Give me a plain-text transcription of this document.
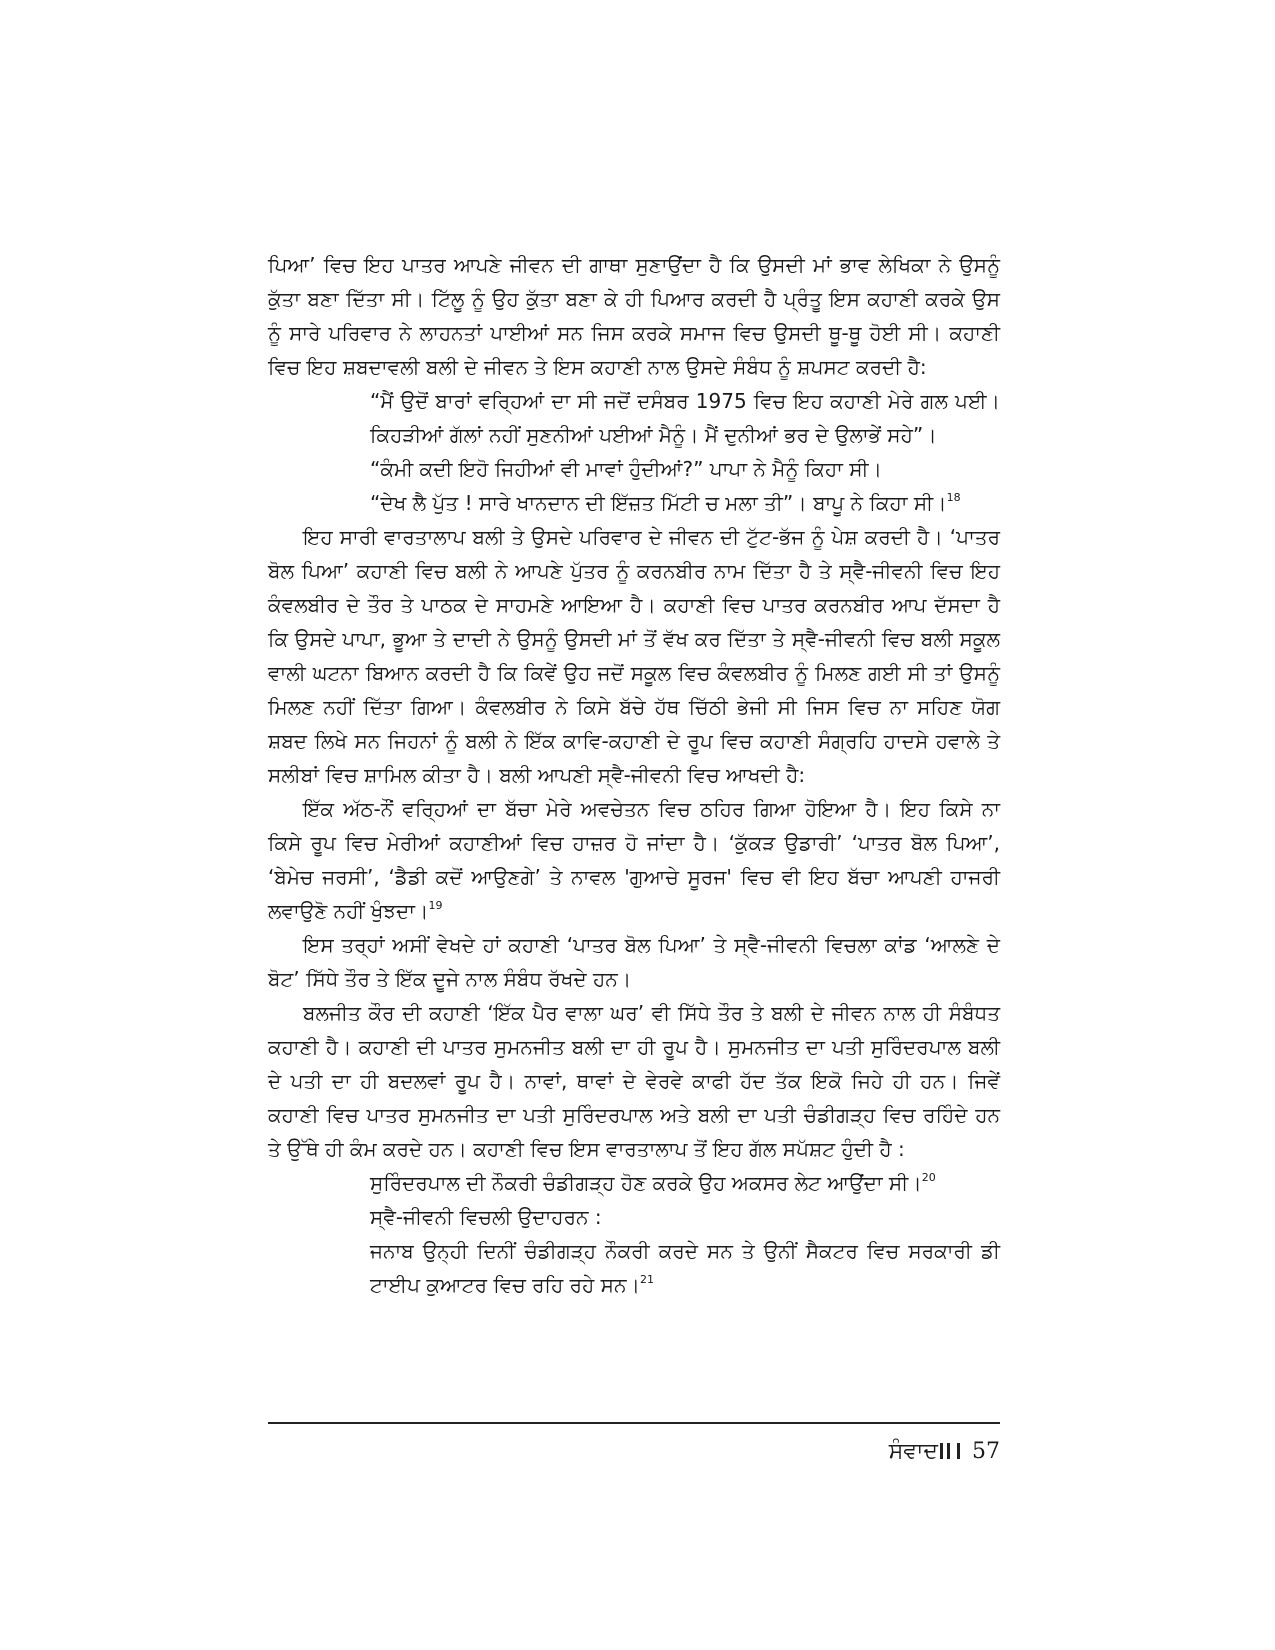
ਪਿਆ’ ਵਿਚ ਇਹ ਪਾਤਰ ਆਪਣੇ ਜੀਵਨ ਦੀ ਗਾਥਾ ਸੁਣਾਉਂਦਾ ਹੈ ਕਿ ਉਸਦੀ ਮਾਂ ਭਾਵ ਲੇਖਿਕਾ ਨੇ ਉਸਨੂੰ ਕੁੱਤਾ ਬਣਾ ਦਿੱਤਾ ਸੀ। ਟਿੱਲੂ ਨੂੰ ਉਹ ਕੁੱਤਾ ਬਣਾ ਕੇ ਹੀ ਪਿਆਰ ਕਰਦੀ ਹੈ ਪ੍ਰੰਤੂ ਇਸ ਕਹਾਣੀ ਕਰਕੇ ਉਸ ਨੂੰ ਸਾਰੇ ਪਰਿਵਾਰ ਨੇ ਲਾਹਨਤਾਂ ਪਾਈਆਂ ਸਨ ਜਿਸ ਕਰਕੇ ਸਮਾਜ ਵਿਚ ਉਸਦੀ ਥੂ-ਥੂ ਹੋਈ ਸੀ। ਕਹਾਣੀ ਵਿਚ ਇਹ ਸ਼ਬਦਾਵਲੀ ਬਲੀ ਦੇ ਜੀਵਨ ਤੇ ਇਸ ਕਹਾਣੀ ਨਾਲ ਉਸਦੇ ਸੰਬੰਧ ਨੂੰ ਸ਼ਪਸਟ ਕਰਦੀ ਹੈ:

“ਮੈਂ ਉਦੋਂ ਬਾਰਾਂ ਵਰ੍ਹਿਆਂ ਦਾ ਸੀ ਜਦੋਂ ਦਸੰਬਰ 1975 ਵਿਚ ਇਹ ਕਹਾਣੀ ਮੇਰੇ ਗਲ ਪਈ। ਕਿਹੜੀਆਂ ਗੱਲਾਂ ਨਹੀਂ ਸੁਣਨੀਆਂ ਪਈਆਂ ਮੈਨੂੰ। ਮੈਂ ਦੁਨੀਆਂ ਭਰ ਦੇ ਉਲਾਭੇਂ ਸਹੇ”।

“ਕੰਮੀ ਕਦੀ ਇਹੋ ਜਿਹੀਆਂ ਵੀ ਮਾਵਾਂ ਹੁੰਦੀਆਂ?” ਪਾਪਾ ਨੇ ਮੈਨੂੰ ਕਿਹਾ ਸੀ।

“ਦੇਖ ਲੈ ਪੁੱਤ ! ਸਾਰੇ ਖਾਨਦਾਨ ਦੀ ਇੱਜ਼ਤ ਮਿੱਟੀ ਚ ਮਲਾ ਤੀ”। ਬਾਪੂ ਨੇ ਕਿਹਾ ਸੀ।$^{18}$

ਇਹ ਸਾਰੀ ਵਾਰਤਾਲਾਪ ਬਲੀ ਤੇ ਉਸਦੇ ਪਰਿਵਾਰ ਦੇ ਜੀਵਨ ਦੀ ਟੁੱਟ-ਭੱਜ ਨੂੰ ਪੇਸ਼ ਕਰਦੀ ਹੈ। ‘ਪਾਤਰ ਬੋਲ ਪਿਆ’ ਕਹਾਣੀ ਵਿਚ ਬਲੀ ਨੇ ਆਪਣੇ ਪੁੱਤਰ ਨੂੰ ਕਰਨਬੀਰ ਨਾਮ ਦਿੱਤਾ ਹੈ ਤੇ ਸ੍ਵੈ-ਜੀਵਨੀ ਵਿਚ ਇਹ ਕੰਵਲਬੀਰ ਦੇ ਤੌਰ ਤੇ ਪਾਠਕ ਦੇ ਸਾਹਮਣੇ ਆਇਆ ਹੈ। ਕਹਾਣੀ ਵਿਚ ਪਾਤਰ ਕਰਨਬੀਰ ਆਪ ਦੱਸਦਾ ਹੈ ਕਿ ਉਸਦੇ ਪਾਪਾ, ਭੂਆ ਤੇ ਦਾਦੀ ਨੇ ਉਸਨੂੰ ਉਸਦੀ ਮਾਂ ਤੋਂ ਵੱਖ ਕਰ ਦਿੱਤਾ ਤੇ ਸ੍ਵੈ-ਜੀਵਨੀ ਵਿਚ ਬਲੀ ਸਕੂਲ ਵਾਲੀ ਘਟਨਾ ਬਿਆਨ ਕਰਦੀ ਹੈ ਕਿ ਕਿਵੇਂ ਉਹ ਜਦੋਂ ਸਕੂਲ ਵਿਚ ਕੰਵਲਬੀਰ ਨੂੰ ਮਿਲਣ ਗਈ ਸੀ ਤਾਂ ਉਸਨੂੰ ਮਿਲਣ ਨਹੀਂ ਦਿੱਤਾ ਗਿਆ। ਕੰਵਲਬੀਰ ਨੇ ਕਿਸੇ ਬੱਚੇ ਹੱਥ ਚਿੱਠੀ ਭੇਜੀ ਸੀ ਜਿਸ ਵਿਚ ਨਾ ਸਹਿਣ ਯੋਗ ਸ਼ਬਦ ਲਿਖੇ ਸਨ ਜਿਹਨਾਂ ਨੂੰ ਬਲੀ ਨੇ ਇੱਕ ਕਾਵਿ-ਕਹਾਣੀ ਦੇ ਰੂਪ ਵਿਚ ਕਹਾਣੀ ਸੰਗ੍ਰਹਿ ਹਾਦਸੇ ਹਵਾਲੇ ਤੇ ਸਲੀਬਾਂ ਵਿਚ ਸ਼ਾਮਿਲ ਕੀਤਾ ਹੈ। ਬਲੀ ਆਪਣੀ ਸ੍ਵੈ-ਜੀਵਨੀ ਵਿਚ ਆਖਦੀ ਹੈ:

ਇੱਕ ਅੱਠ-ਨੌਂ ਵਰ੍ਹਿਆਂ ਦਾ ਬੱਚਾ ਮੇਰੇ ਅਵਚੇਤਨ ਵਿਚ ਠਹਿਰ ਗਿਆ ਹੋਇਆ ਹੈ। ਇਹ ਕਿਸੇ ਨਾ ਕਿਸੇ ਰੂਪ ਵਿਚ ਮੇਰੀਆਂ ਕਹਾਣੀਆਂ ਵਿਚ ਹਾਜ਼ਰ ਹੋ ਜਾਂਦਾ ਹੈ। ‘ਕੁੱਕੜ ਉਡਾਰੀ’ ‘ਪਾਤਰ ਬੋਲ ਪਿਆ’, ‘ਬੇਮੇਚ ਜਰਸੀ’, ‘ਡੈਡੀ ਕਦੋਂ ਆਉਣਗੇ’ ਤੇ ਨਾਵਲ 'ਗੁਆਚੇ ਸੂਰਜ' ਵਿਚ ਵੀ ਇਹ ਬੱਚਾ ਆਪਣੀ ਹਾਜਰੀ ਲਵਾਉਣੋ ਨਹੀਂ ਖੁੰਝਦਾ।$^{19}$

ਇਸ ਤਰ੍ਹਾਂ ਅਸੀਂ ਵੇਖਦੇ ਹਾਂ ਕਹਾਣੀ ‘ਪਾਤਰ ਬੋਲ ਪਿਆ’ ਤੇ ਸ੍ਵੈ-ਜੀਵਨੀ ਵਿਚਲਾ ਕਾਂਡ ‘ਆਲਣੇ ਦੇ ਬੋਟ’ ਸਿੱਧੇ ਤੌਰ ਤੇ ਇੱਕ ਦੂਜੇ ਨਾਲ ਸੰਬੰਧ ਰੱਖਦੇ ਹਨ।

ਬਲਜੀਤ ਕੌਰ ਦੀ ਕਹਾਣੀ ‘ਇੱਕ ਪੈਰ ਵਾਲਾ ਘਰ’ ਵੀ ਸਿੱਧੇ ਤੌਰ ਤੇ ਬਲੀ ਦੇ ਜੀਵਨ ਨਾਲ ਹੀ ਸੰਬੰਧਤ ਕਹਾਣੀ ਹੈ। ਕਹਾਣੀ ਦੀ ਪਾਤਰ ਸੁਮਨਜੀਤ ਬਲੀ ਦਾ ਹੀ ਰੂਪ ਹੈ। ਸੁਮਨਜੀਤ ਦਾ ਪਤੀ ਸੁਰਿੰਦਰਪਾਲ ਬਲੀ ਦੇ ਪਤੀ ਦਾ ਹੀ ਬਦਲਵਾਂ ਰੂਪ ਹੈ। ਨਾਵਾਂ, ਥਾਵਾਂ ਦੇ ਵੇਰਵੇ ਕਾਫੀ ਹੱਦ ਤੱਕ ਇਕੋ ਜਿਹੇ ਹੀ ਹਨ। ਜਿਵੇਂ ਕਹਾਣੀ ਵਿਚ ਪਾਤਰ ਸੁਮਨਜੀਤ ਦਾ ਪਤੀ ਸੁਰਿੰਦਰਪਾਲ ਅਤੇ ਬਲੀ ਦਾ ਪਤੀ ਚੰਡੀਗੜ੍ਹ ਵਿਚ ਰਹਿੰਦੇ ਹਨ ਤੇ ਉੱਥੇ ਹੀ ਕੰਮ ਕਰਦੇ ਹਨ। ਕਹਾਣੀ ਵਿਚ ਇਸ ਵਾਰਤਾਲਾਪ ਤੋਂ ਇਹ ਗੱਲ ਸਪੱਸ਼ਟ ਹੁੰਦੀ ਹੈ :

ਸੁਰਿੰਦਰਪਾਲ ਦੀ ਨੌਕਰੀ ਚੰਡੀਗੜ੍ਹ ਹੋਣ ਕਰਕੇ ਉਹ ਅਕਸਰ ਲੇਟ ਆਉਂਦਾ ਸੀ।$^{20}$

ਸ੍ਵੈ-ਜੀਵਨੀ ਵਿਚਲੀ ਉਦਾਹਰਨ :

ਜਨਾਬ ਉਨ੍ਹੀ ਦਿਨੀਂ ਚੰਡੀਗੜ੍ਹ ਨੌਕਰੀ ਕਰਦੇ ਸਨ ਤੇ ਉਨੀਂ ਸੈਕਟਰ ਵਿਚ ਸਰਕਾਰੀ ਡੀ ਟਾਈਪ ਕੁਆਟਰ ਵਿਚ ਰਹਿ ਰਹੇ ਸਨ।$^{21}$

ਸੰਵਾਦ 57
